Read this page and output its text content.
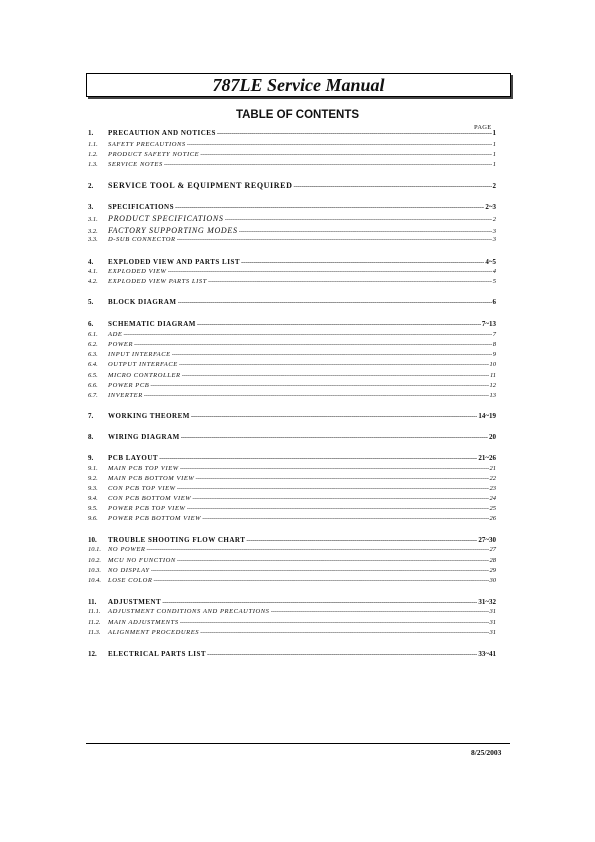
787LE Service Manual
TABLE OF CONTENTS
PAGE
1.	PRECAUTION AND NOTICES -----	1
1.1.	SAFETY PRECAUTIONS -----	1
1.2.	PRODUCT SAFETY NOTICE -----	1
1.3.	SERVICE NOTES -----	1
2.	SERVICE TOOL & EQUIPMENT REQUIRED -----	2
3.	SPECIFICATIONS -----	2~3
3.1.	PRODUCT SPECIFICATIONS -----	2
3.2.	FACTORY SUPPORTING MODES -----	3
3.3.	D-SUB CONNECTOR -----	3
4.	EXPLODED VIEW AND PARTS LIST -----	4~5
4.1.	EXPLODED VIEW -----	4
4.2.	EXPLODED VIEW PARTS LIST -----	5
5.	BLOCK DIAGRAM -----	6
6.	SCHEMATIC DIAGRAM -----	7~13
6.1.	ADE -----	7
6.2.	POWER -----	8
6.3.	INPUT INTERFACE -----	9
6.4.	OUTPUT INTERFACE -----	10
6.5.	MICRO CONTROLLER -----	11
6.6.	POWER PCB -----	12
6.7.	INVERTER -----	13
7.	WORKING THEOREM -----	14~19
8.	WIRING DIAGRAM -----	20
9.	PCB LAYOUT -----	21~26
9.1.	MAIN PCB TOP VIEW -----	21
9.2.	MAIN PCB BOTTOM VIEW -----	22
9.3.	CON PCB TOP VIEW -----	23
9.4.	CON PCB BOTTOM VIEW -----	24
9.5.	POWER PCB TOP VIEW -----	25
9.6.	POWER PCB BOTTOM VIEW -----	26
10.	TROUBLE SHOOTING FLOW CHART -----	27~30
10.1.	NO POWER -----	27
10.2.	MCU NO FUNCTION -----	28
10.3.	NO DISPLAY -----	29
10.4.	LOSE COLOR -----	30
11.	ADJUSTMENT -----	31~32
11.1.	ADJUSTMENT CONDITIONS AND PRECAUTIONS -----	31
11.2.	MAIN ADJUSTMENTS -----	31
11.3.	ALIGNMENT PROCEDURES -----	31
12.	ELECTRICAL PARTS LIST -----	33~41
8/25/2003
